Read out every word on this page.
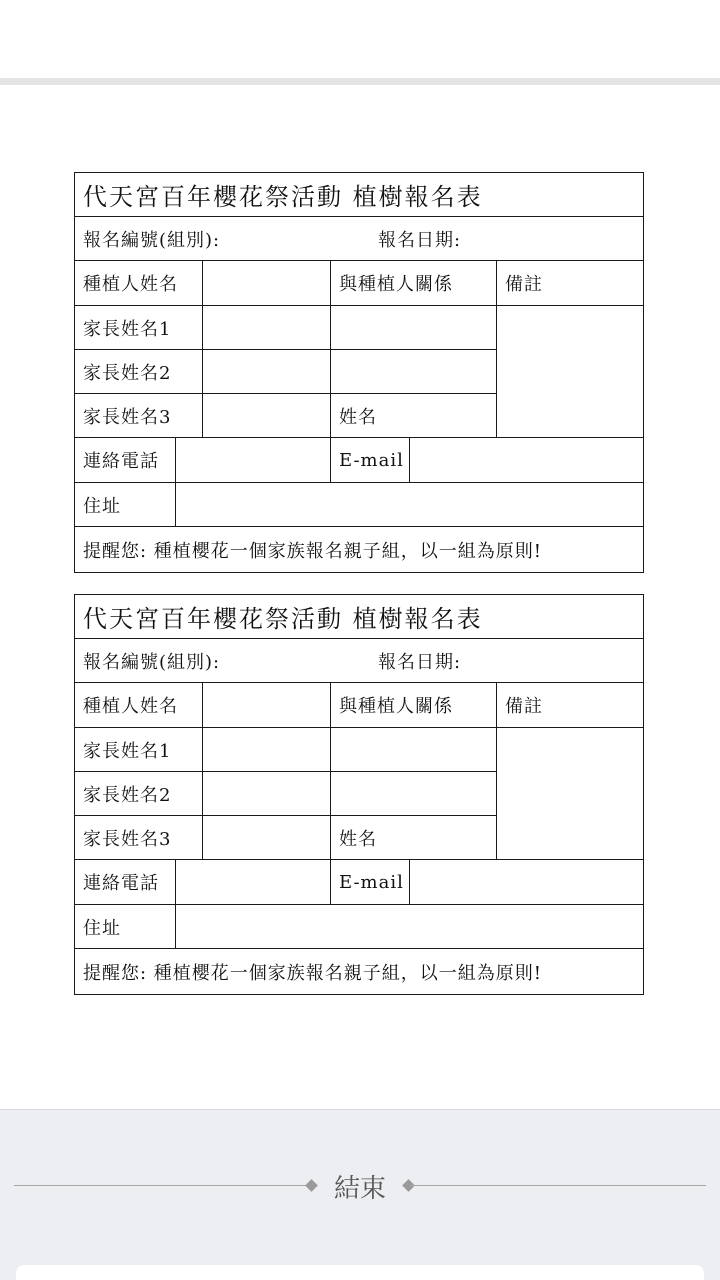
代天宮百年櫻花祭活動 植樹報名表					
報名編號(組別): 報名日期:					
種植人姓名			與種植人關係		備註
家長姓名1					
家長姓名2					
家長姓名3			姓名		
連絡電話			E-mail		
住址					
提醒您: 種植櫻花一個家族報名親子組，以一組為原則!					
代天宮百年櫻花祭活動 植樹報名表					
報名編號(組別): 報名日期:					
種植人姓名			與種植人關係		備註
家長姓名1					
家長姓名2					
家長姓名3			姓名		
連絡電話			E-mail		
住址					
提醒您: 種植櫻花一個家族報名親子組，以一組為原則!					
結束
